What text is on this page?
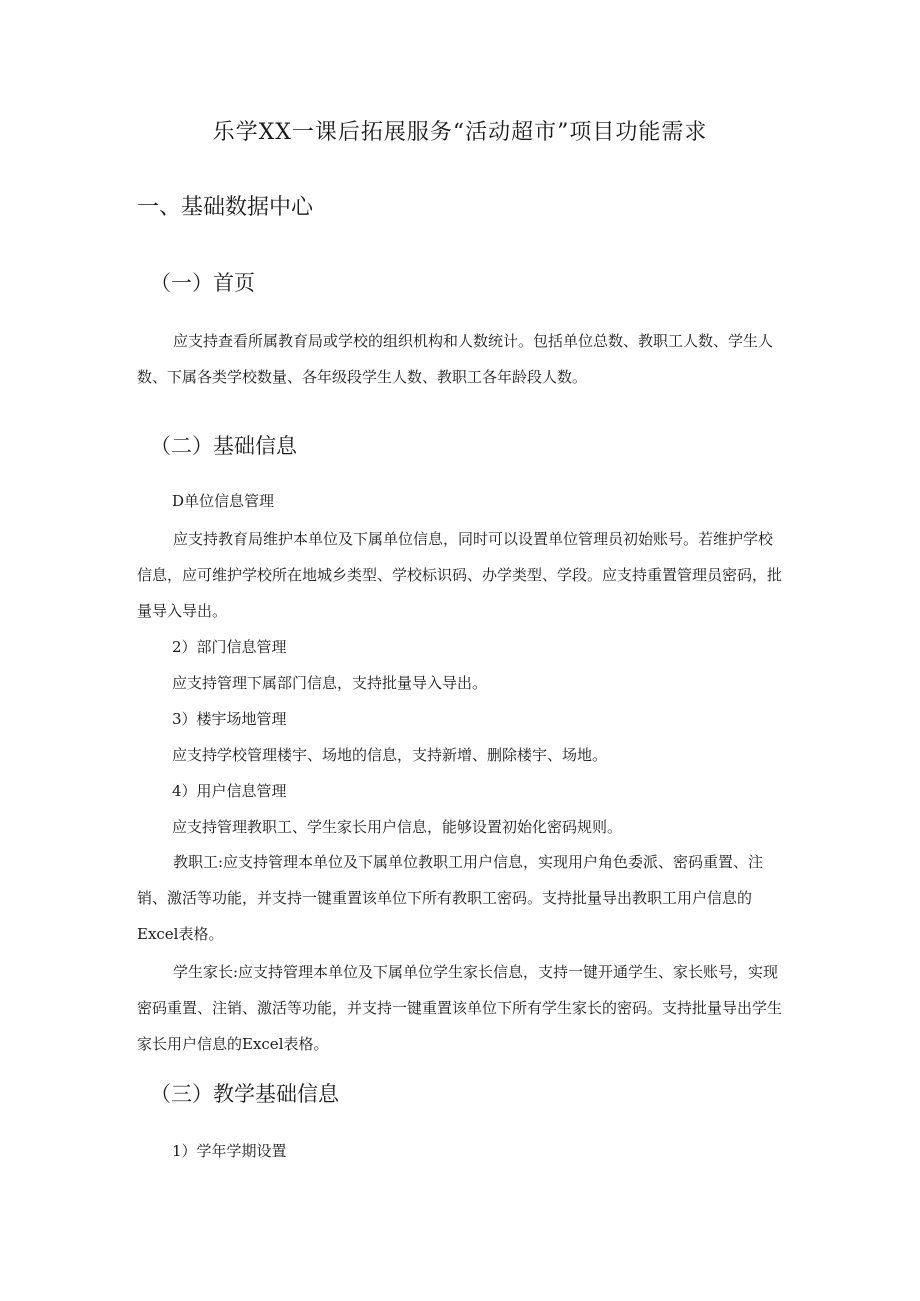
乐学XX一课后拓展服务“活动超市”项目功能需求
一、基础数据中心
（一）首页
应支持查看所属教育局或学校的组织机构和人数统计。包括单位总数、教职工人数、学生人数、下属各类学校数量、各年级段学生人数、教职工各年龄段人数。
（二）基础信息
D单位信息管理
应支持教育局维护本单位及下属单位信息，同时可以设置单位管理员初始账号。若维护学校信息，应可维护学校所在地城乡类型、学校标识码、办学类型、学段。应支持重置管理员密码，批量导入导出。
2）部门信息管理
应支持管理下属部门信息，支持批量导入导出。
3）楼宇场地管理
应支持学校管理楼宇、场地的信息，支持新增、删除楼宇、场地。
4）用户信息管理
应支持管理教职工、学生家长用户信息，能够设置初始化密码规则。
教职工:应支持管理本单位及下属单位教职工用户信息，实现用户角色委派、密码重置、注销、激活等功能，并支持一键重置该单位下所有教职工密码。支持批量导出教职工用户信息的Excel表格。
学生家长:应支持管理本单位及下属单位学生家长信息，支持一键开通学生、家长账号，实现密码重置、注销、激活等功能，并支持一键重置该单位下所有学生家长的密码。支持批量导出学生家长用户信息的Excel表格。
（三）教学基础信息
1）学年学期设置
